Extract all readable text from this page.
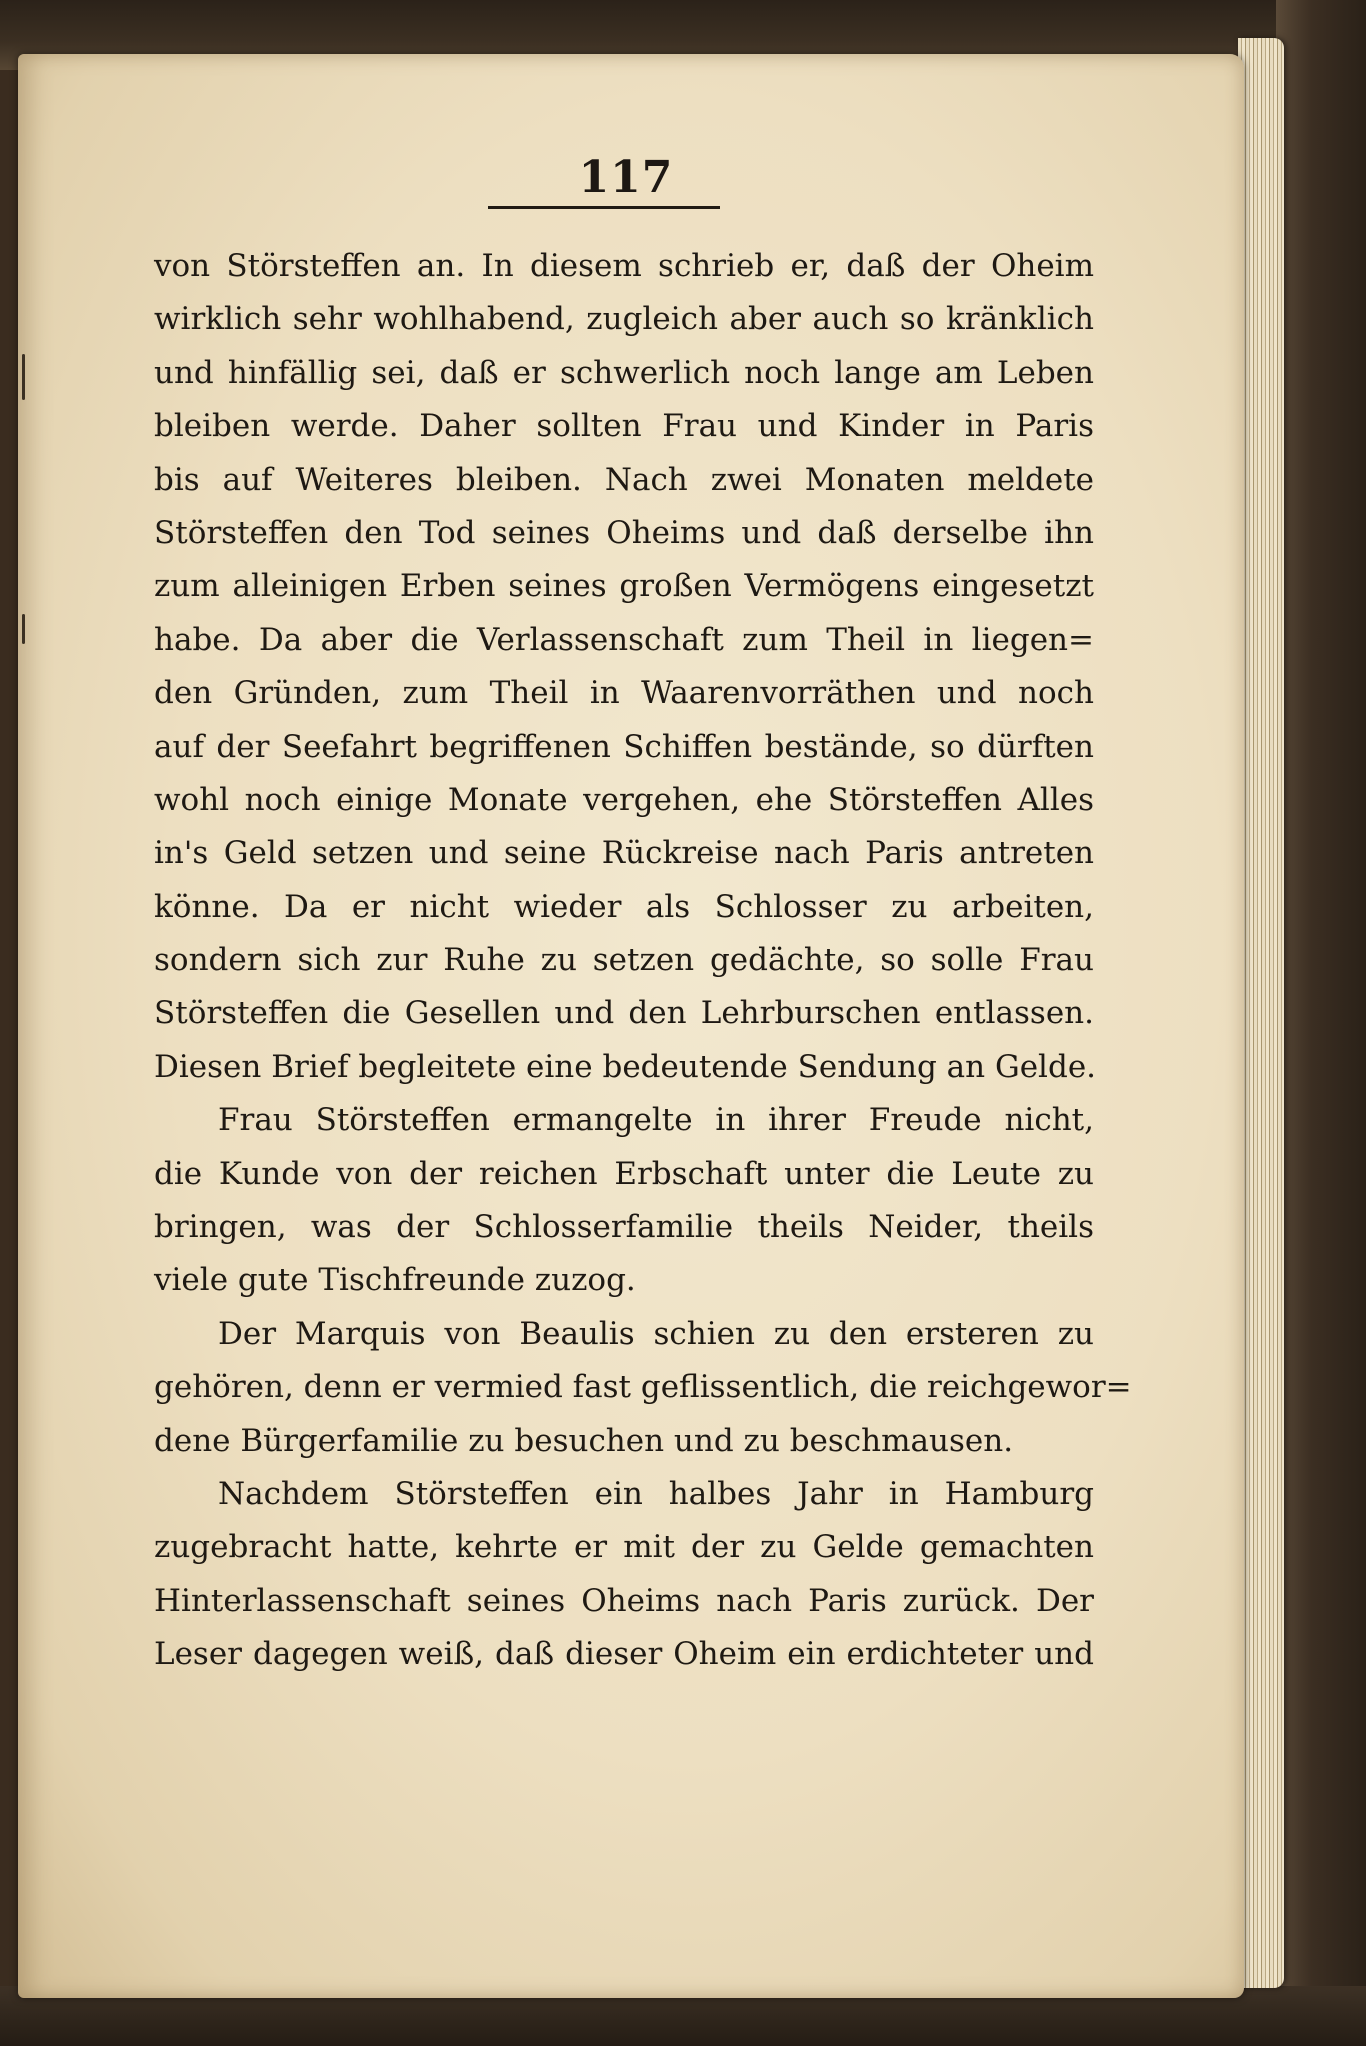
117
von Störsteffen an. In diesem schrieb er, daß der Oheim
wirklich sehr wohlhabend, zugleich aber auch so kränklich
und hinfällig sei, daß er schwerlich noch lange am Leben
bleiben werde. Daher sollten Frau und Kinder in Paris
bis auf Weiteres bleiben. Nach zwei Monaten meldete
Störsteffen den Tod seines Oheims und daß derselbe ihn
zum alleinigen Erben seines großen Vermögens eingesetzt
habe. Da aber die Verlassenschaft zum Theil in liegen=
den Gründen, zum Theil in Waarenvorräthen und noch
auf der Seefahrt begriffenen Schiffen bestände, so dürften
wohl noch einige Monate vergehen, ehe Störsteffen Alles
in's Geld setzen und seine Rückreise nach Paris antreten
könne. Da er nicht wieder als Schlosser zu arbeiten,
sondern sich zur Ruhe zu setzen gedächte, so solle Frau
Störsteffen die Gesellen und den Lehrburschen entlassen.
Diesen Brief begleitete eine bedeutende Sendung an Gelde.
Frau Störsteffen ermangelte in ihrer Freude nicht,
die Kunde von der reichen Erbschaft unter die Leute zu
bringen, was der Schlosserfamilie theils Neider, theils
viele gute Tischfreunde zuzog.
Der Marquis von Beaulis schien zu den ersteren zu
gehören, denn er vermied fast geflissentlich, die reichgewor=
dene Bürgerfamilie zu besuchen und zu beschmausen.
Nachdem Störsteffen ein halbes Jahr in Hamburg
zugebracht hatte, kehrte er mit der zu Gelde gemachten
Hinterlassenschaft seines Oheims nach Paris zurück. Der
Leser dagegen weiß, daß dieser Oheim ein erdichteter und
